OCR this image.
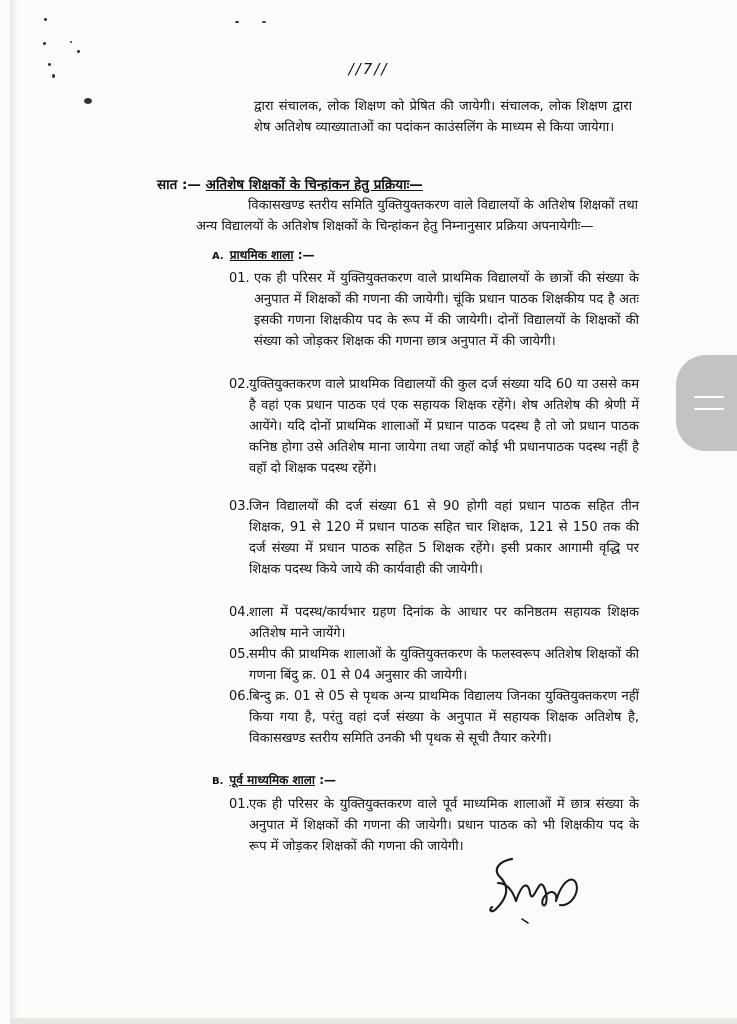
//7//
द्वारा संचालक, लोक शिक्षण को प्रेषित की जायेगी। संचालक, लोक शिक्षण द्वारा शेष अतिशेष व्याख्याताओं का पदांकन काउंसलिंग के माध्यम से किया जायेगा।
सात :— अतिशेष शिक्षकों के चिन्हांकन हेतु प्रक्रियाः—
विकासखण्ड स्तरीय समिति युक्तियुक्तकरण वाले विद्यालयों के अतिशेष शिक्षकों तथा अन्य विद्यालयों के अतिशेष शिक्षकों के चिन्हांकन हेतु निम्नानुसार प्रक्रिया अपनायेगीः—
A. प्राथमिक शाला :—
01. एक ही परिसर में युक्तियुक्तकरण वाले प्राथमिक विद्यालयों के छात्रों की संख्या के अनुपात में शिक्षकों की गणना की जायेगी। चूंकि प्रधान पाठक शिक्षकीय पद है अतः इसकी गणना शिक्षकीय पद के रूप में की जायेगी। दोनों विद्यालयों के शिक्षकों की संख्या को जोड़कर शिक्षक की गणना छात्र अनुपात में की जायेगी।
02. युक्तियुक्तकरण वाले प्राथमिक विद्यालयों की कुल दर्ज संख्या यदि 60 या उससे कम है वहां एक प्रधान पाठक एवं एक सहायक शिक्षक रहेंगे। शेष अतिशेष की श्रेणी में आयेंगे। यदि दोनों प्राथमिक शालाओं में प्रधान पाठक पदस्थ है तो जो प्रधान पाठक कनिष्ठ होगा उसे अतिशेष माना जायेगा तथा जहॉ कोई भी प्रधानपाठक पदस्थ नहीं है वहॉ दो शिक्षक पदस्थ रहेंगे।
03. जिन विद्यालयों की दर्ज संख्या 61 से 90 होगी वहां प्रधान पाठक सहित तीन शिक्षक, 91 से 120 में प्रधान पाठक सहित चार शिक्षक, 121 से 150 तक की दर्ज संख्या में प्रधान पाठक सहित 5 शिक्षक रहेंगे। इसी प्रकार आगामी वृद्धि पर शिक्षक पदस्थ किये जाये की कार्यवाही की जायेगी।
04. शाला में पदस्थ/कार्यभार ग्रहण दिनांक के आधार पर कनिष्ठतम सहायक शिक्षक अतिशेष माने जायेंगे।
05. समीप की प्राथमिक शालाओं के युक्तियुक्तकरण के फलस्वरूप अतिशेष शिक्षकों की गणना बिंदु क्र. 01 से 04 अनुसार की जायेगी।
06. बिन्दु क्र. 01 से 05 से पृथक अन्य प्राथमिक विद्यालय जिनका युक्तियुक्तकरण नहीं किया गया है, परंतु वहां दर्ज संख्या के अनुपात में सहायक शिक्षक अतिशेष है, विकासखण्ड स्तरीय समिति उनकी भी पृथक से सूची तैयार करेगी।
B. पूर्व माध्यमिक शाला :—
01. एक ही परिसर के युक्तियुक्तकरण वाले पूर्व माध्यमिक शालाओं में छात्र संख्या के अनुपात में शिक्षकों की गणना की जायेगी। प्रधान पाठक को भी शिक्षकीय पद के रूप में जोड़कर शिक्षकों की गणना की जायेगी।
